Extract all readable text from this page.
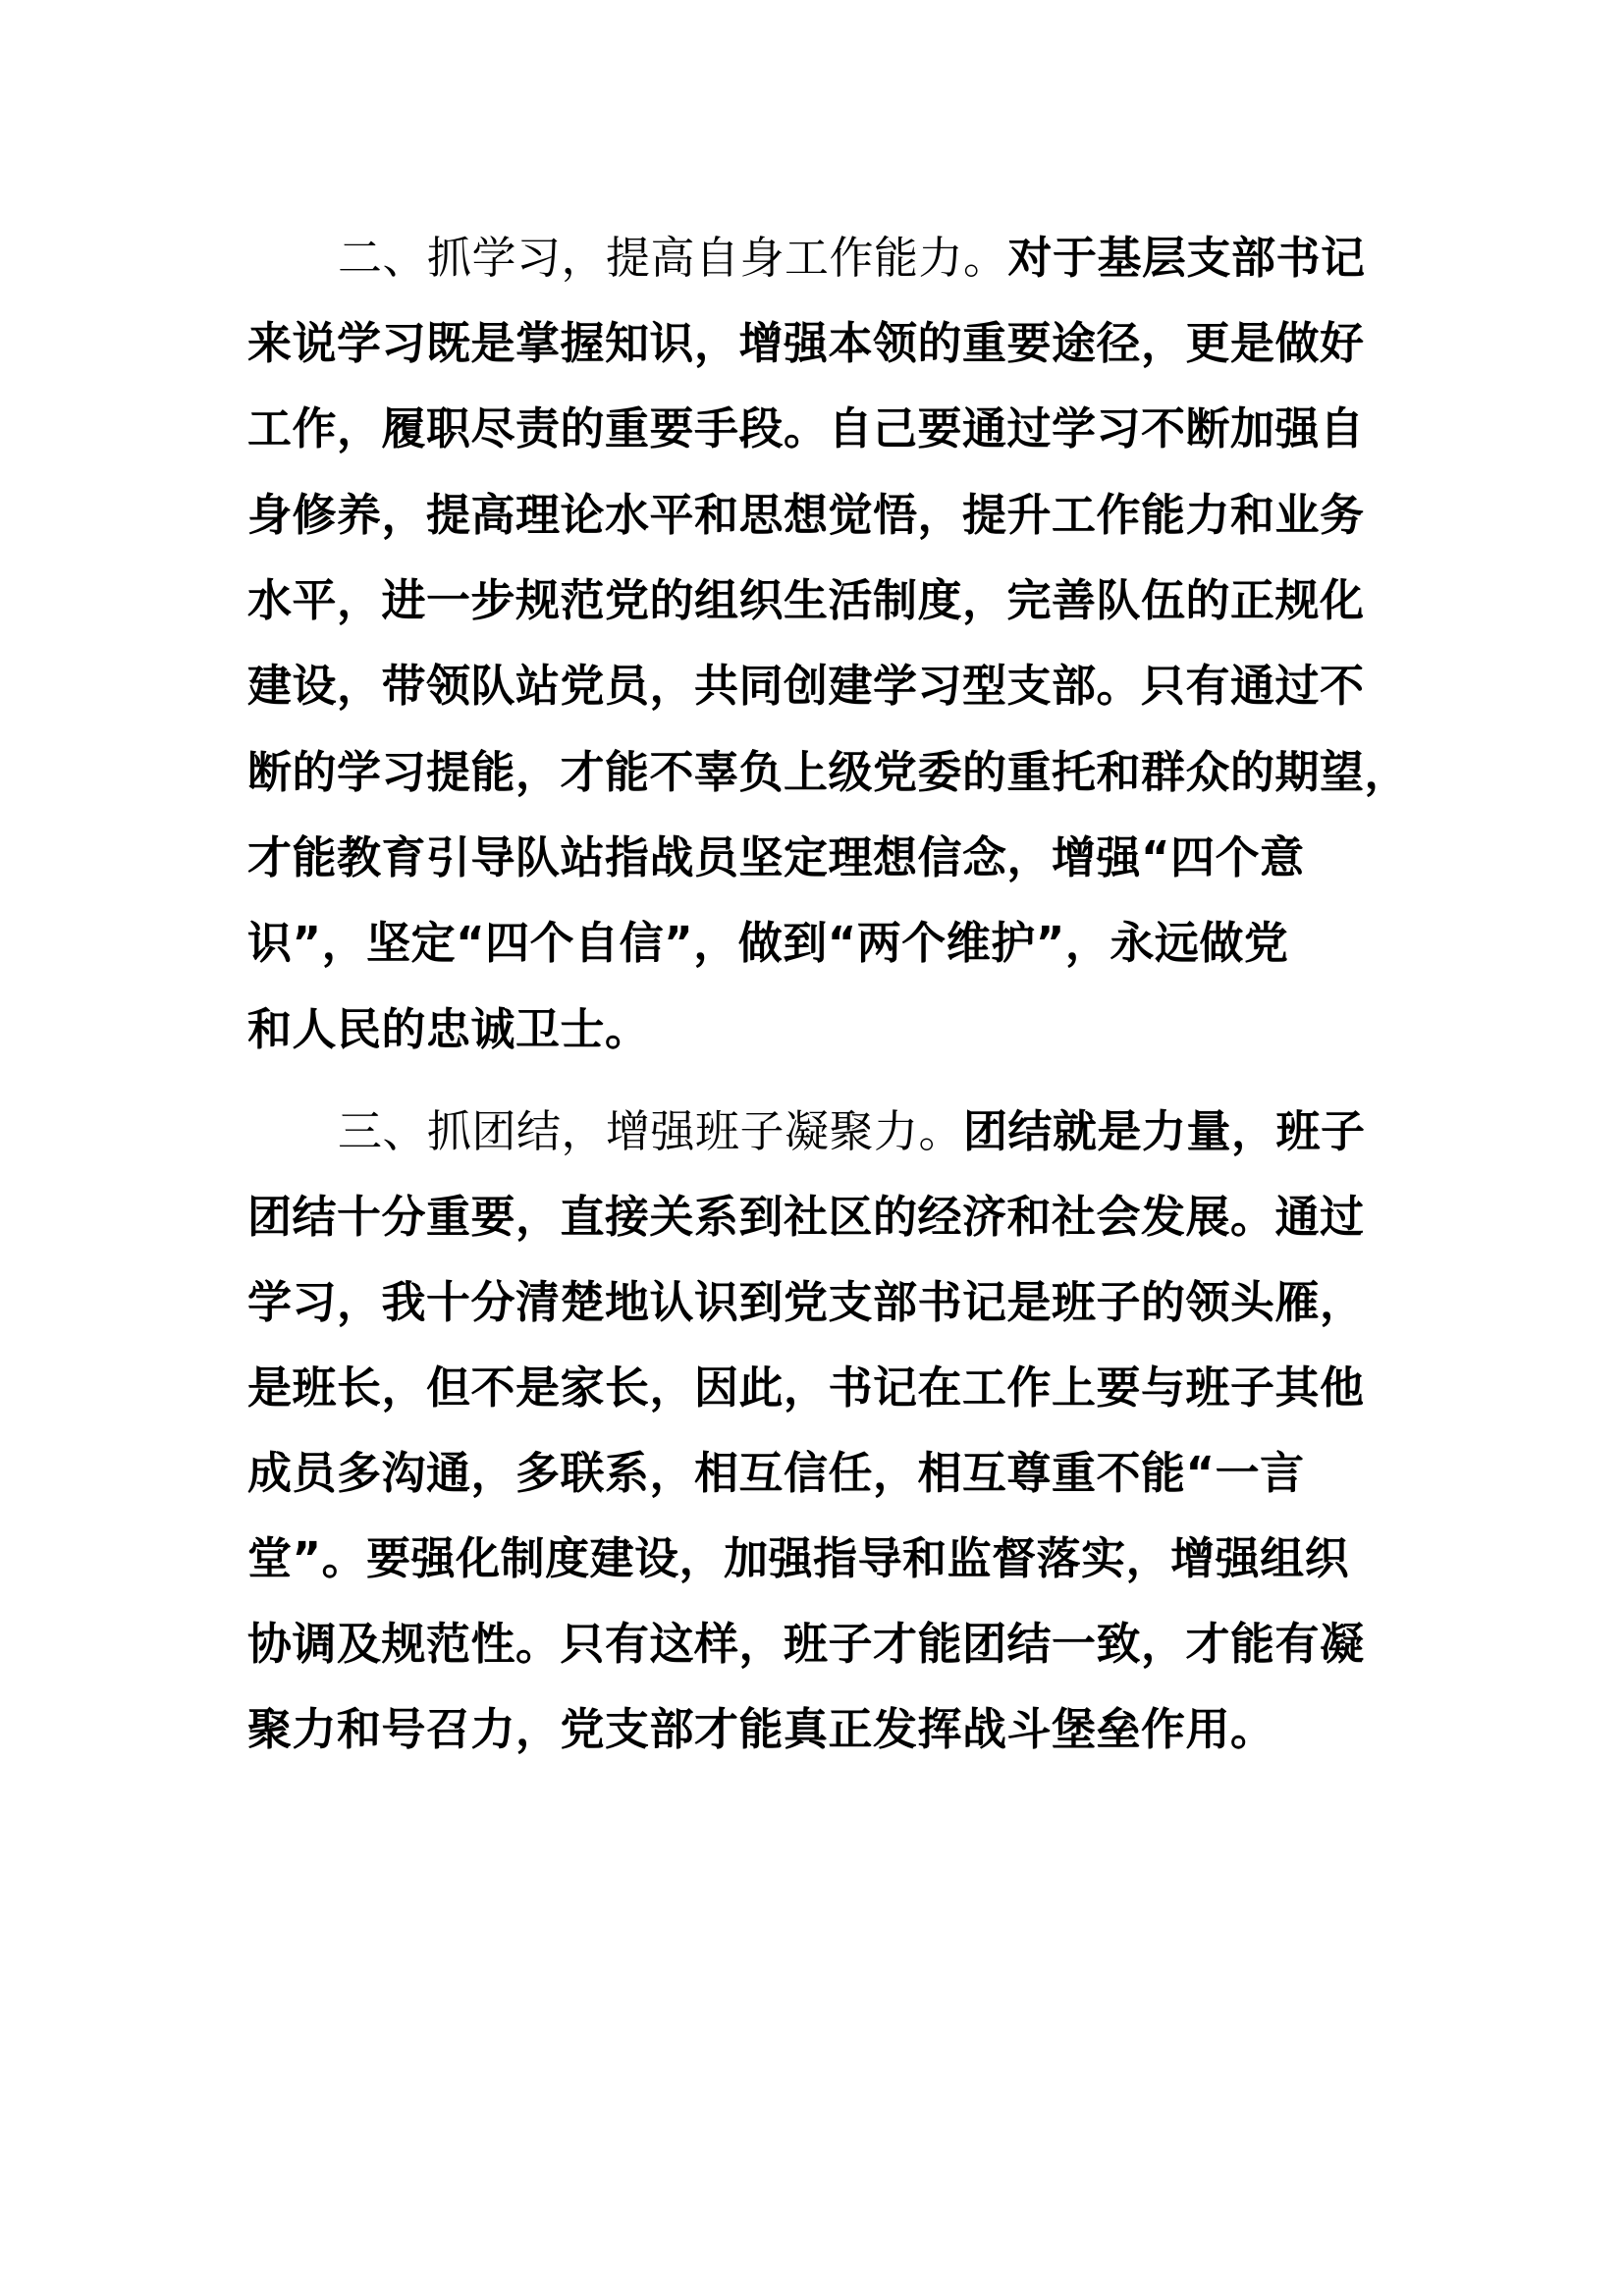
二、抓学习，提高自身工作能力。对于基层支部书记
来说学习既是掌握知识，增强本领的重要途径，更是做好
工作，履职尽责的重要手段。自己要通过学习不断加强自
身修养，提高理论水平和思想觉悟，提升工作能力和业务
水平，进一步规范党的组织生活制度，完善队伍的正规化
建设，带领队站党员，共同创建学习型支部。只有通过不
断的学习提能，才能不辜负上级党委的重托和群众的期望，
才能教育引导队站指战员坚定理想信念，增强“四个意
识”，坚定“四个自信”，做到“两个维护”，永远做党
和人民的忠诚卫士。
三、抓团结，增强班子凝聚力。团结就是力量，班子
团结十分重要，直接关系到社区的经济和社会发展。通过
学习，我十分清楚地认识到党支部书记是班子的领头雁，
是班长，但不是家长，因此，书记在工作上要与班子其他
成员多沟通，多联系，相互信任，相互尊重不能“一言
堂”。要强化制度建设，加强指导和监督落实，增强组织
协调及规范性。只有这样，班子才能团结一致，才能有凝
聚力和号召力，党支部才能真正发挥战斗堡垒作用。
